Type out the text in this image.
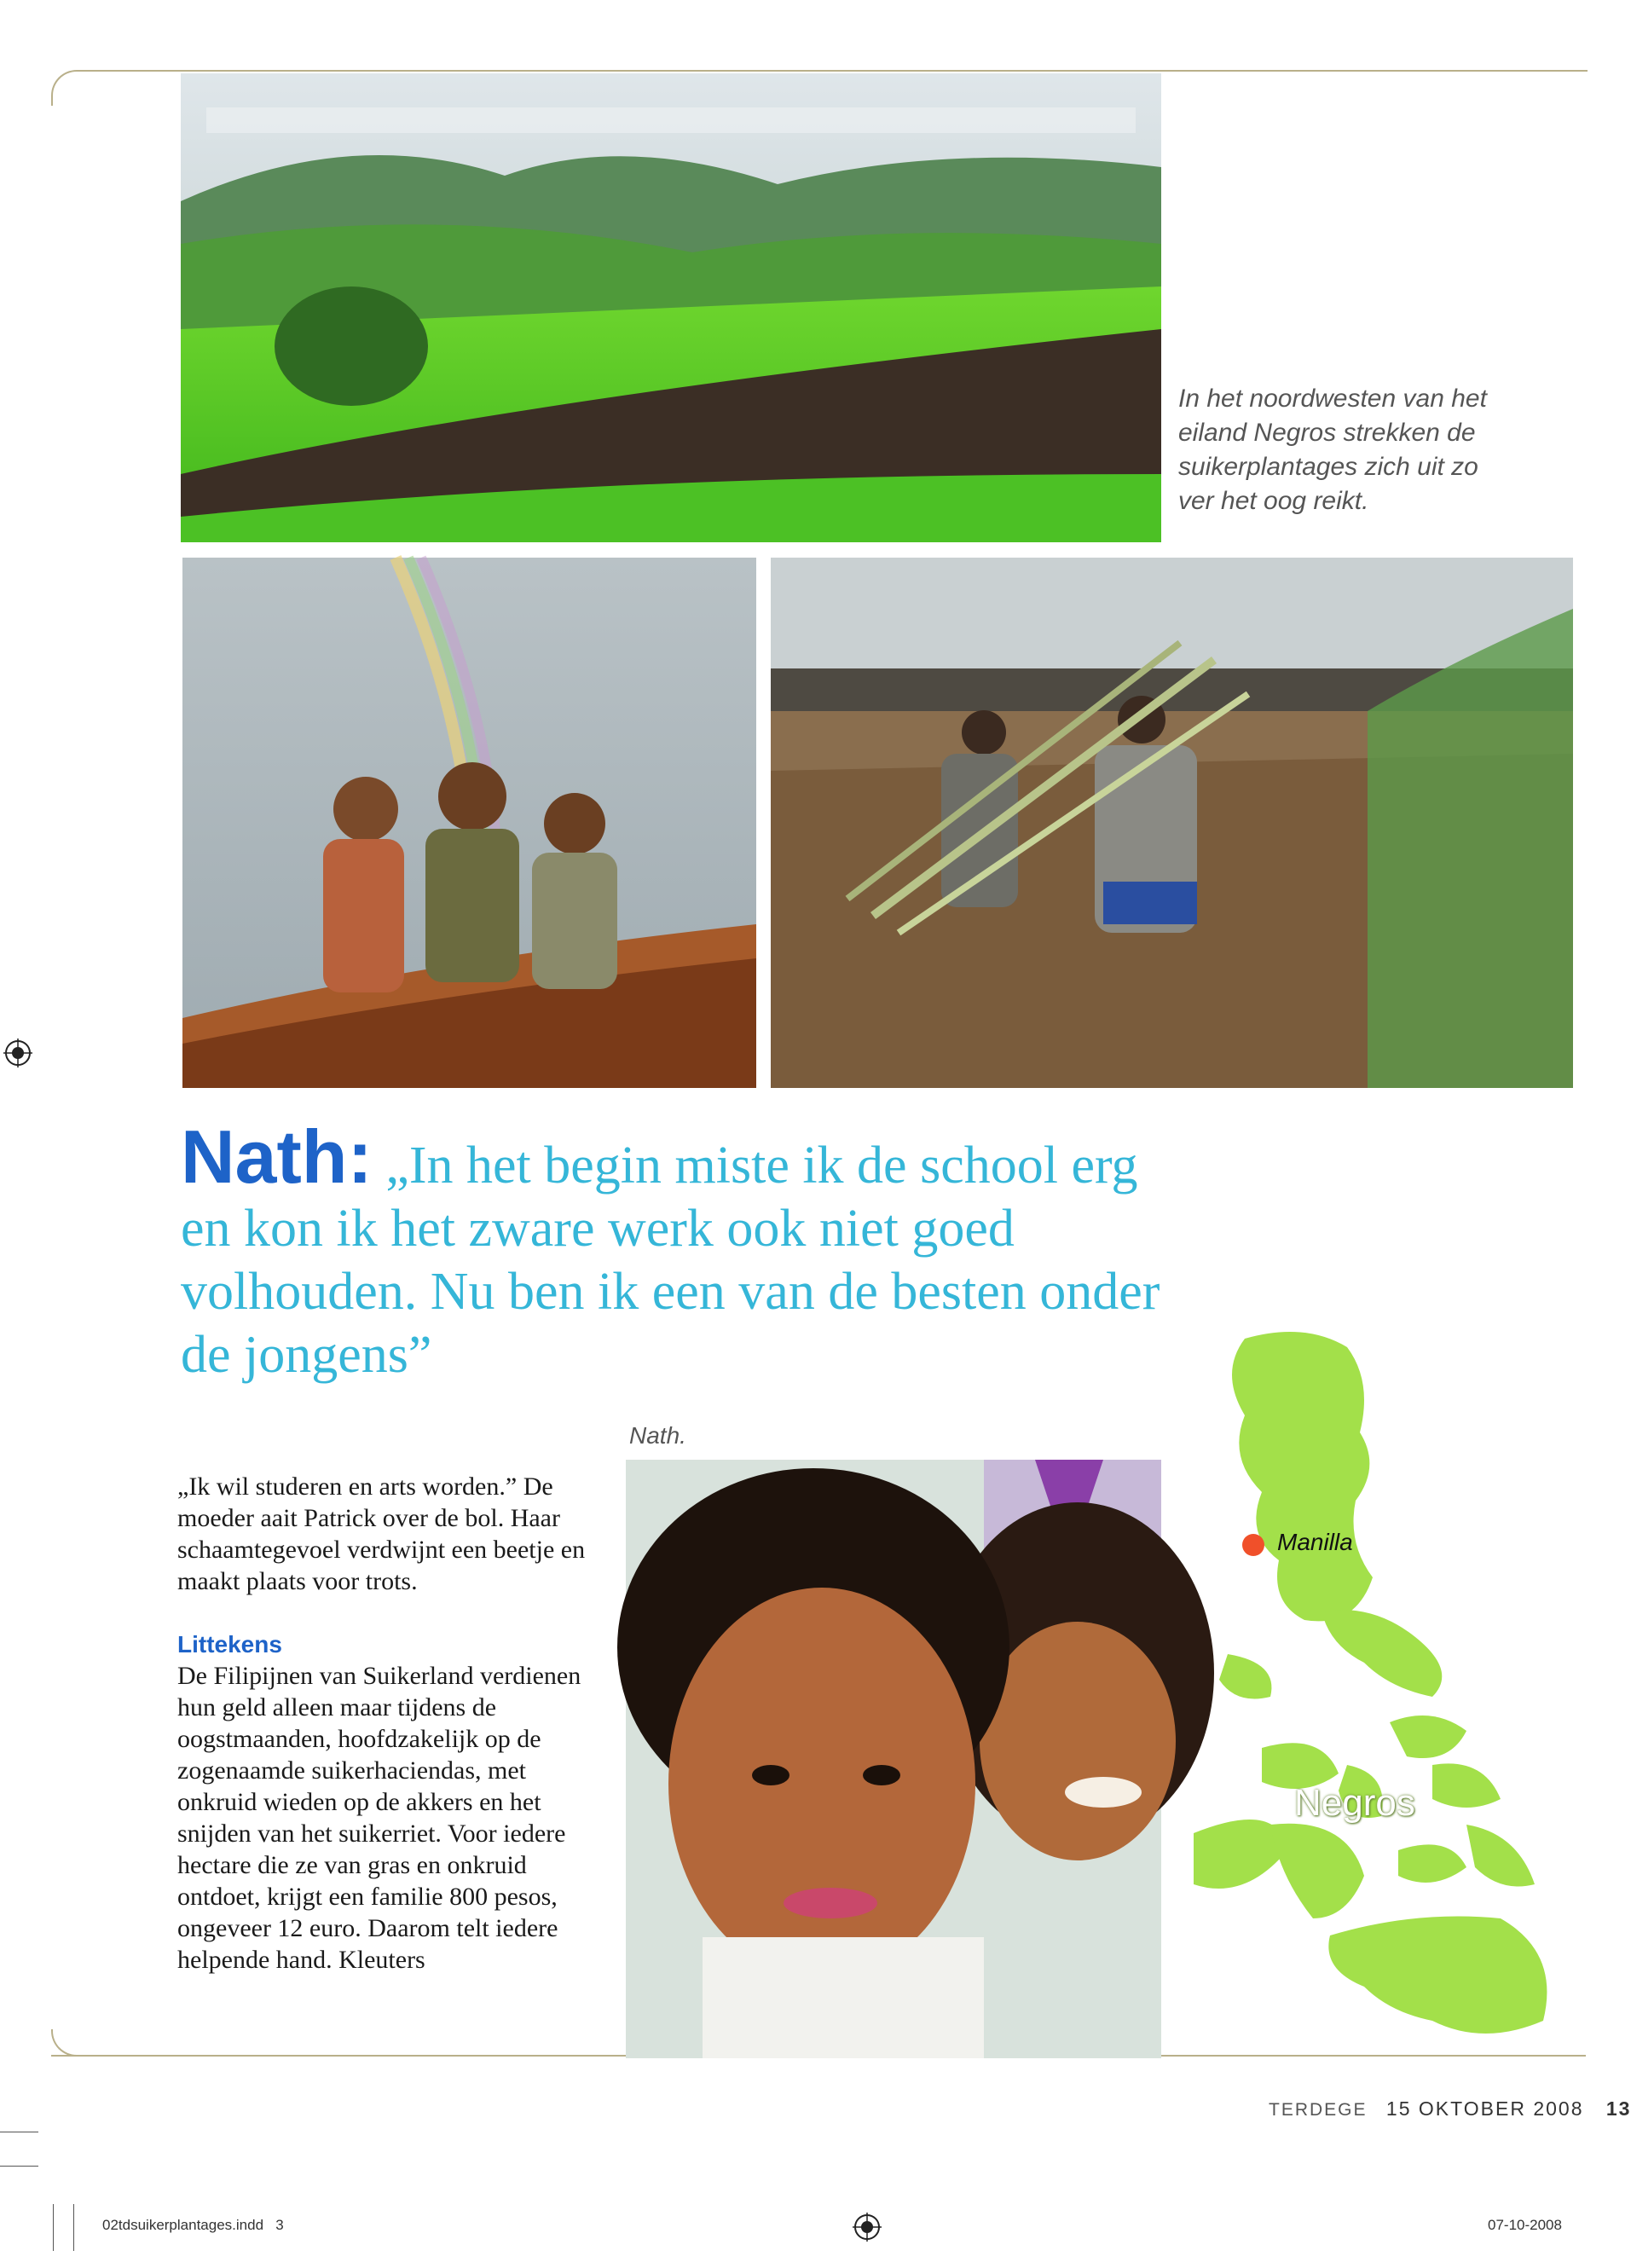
In het noordwesten van het eiland Negros strekken de suikerplantages zich uit zo ver het oog reikt.
Nath: „In het begin miste ik de school erg en kon ik het zware werk ook niet goed volhouden. Nu ben ik een van de besten onder de jongens”

„Ik wil studeren en arts worden.” De moeder aait Patrick over de bol. Haar schaamtegevoel verdwijnt een beetje en maakt plaats voor trots.

Littekens

De Filipijnen van Suikerland verdienen hun geld alleen maar tijdens de oogstmaanden, hoofdzakelijk op de zogenaamde suikerhaciendas, met onkruid wieden op de akkers en het snijden van het suikerriet. Voor iedere hectare die ze van gras en onkruid ontdoet, krijgt een familie 800 pesos, ongeveer 12 euro. Daarom telt iedere helpende hand. Kleuters

Nath.
Manilla
Negros
TERDEGE 15 OKTOBER 2008 13
02tdsuikerplantages.indd   3	07-10-2008
